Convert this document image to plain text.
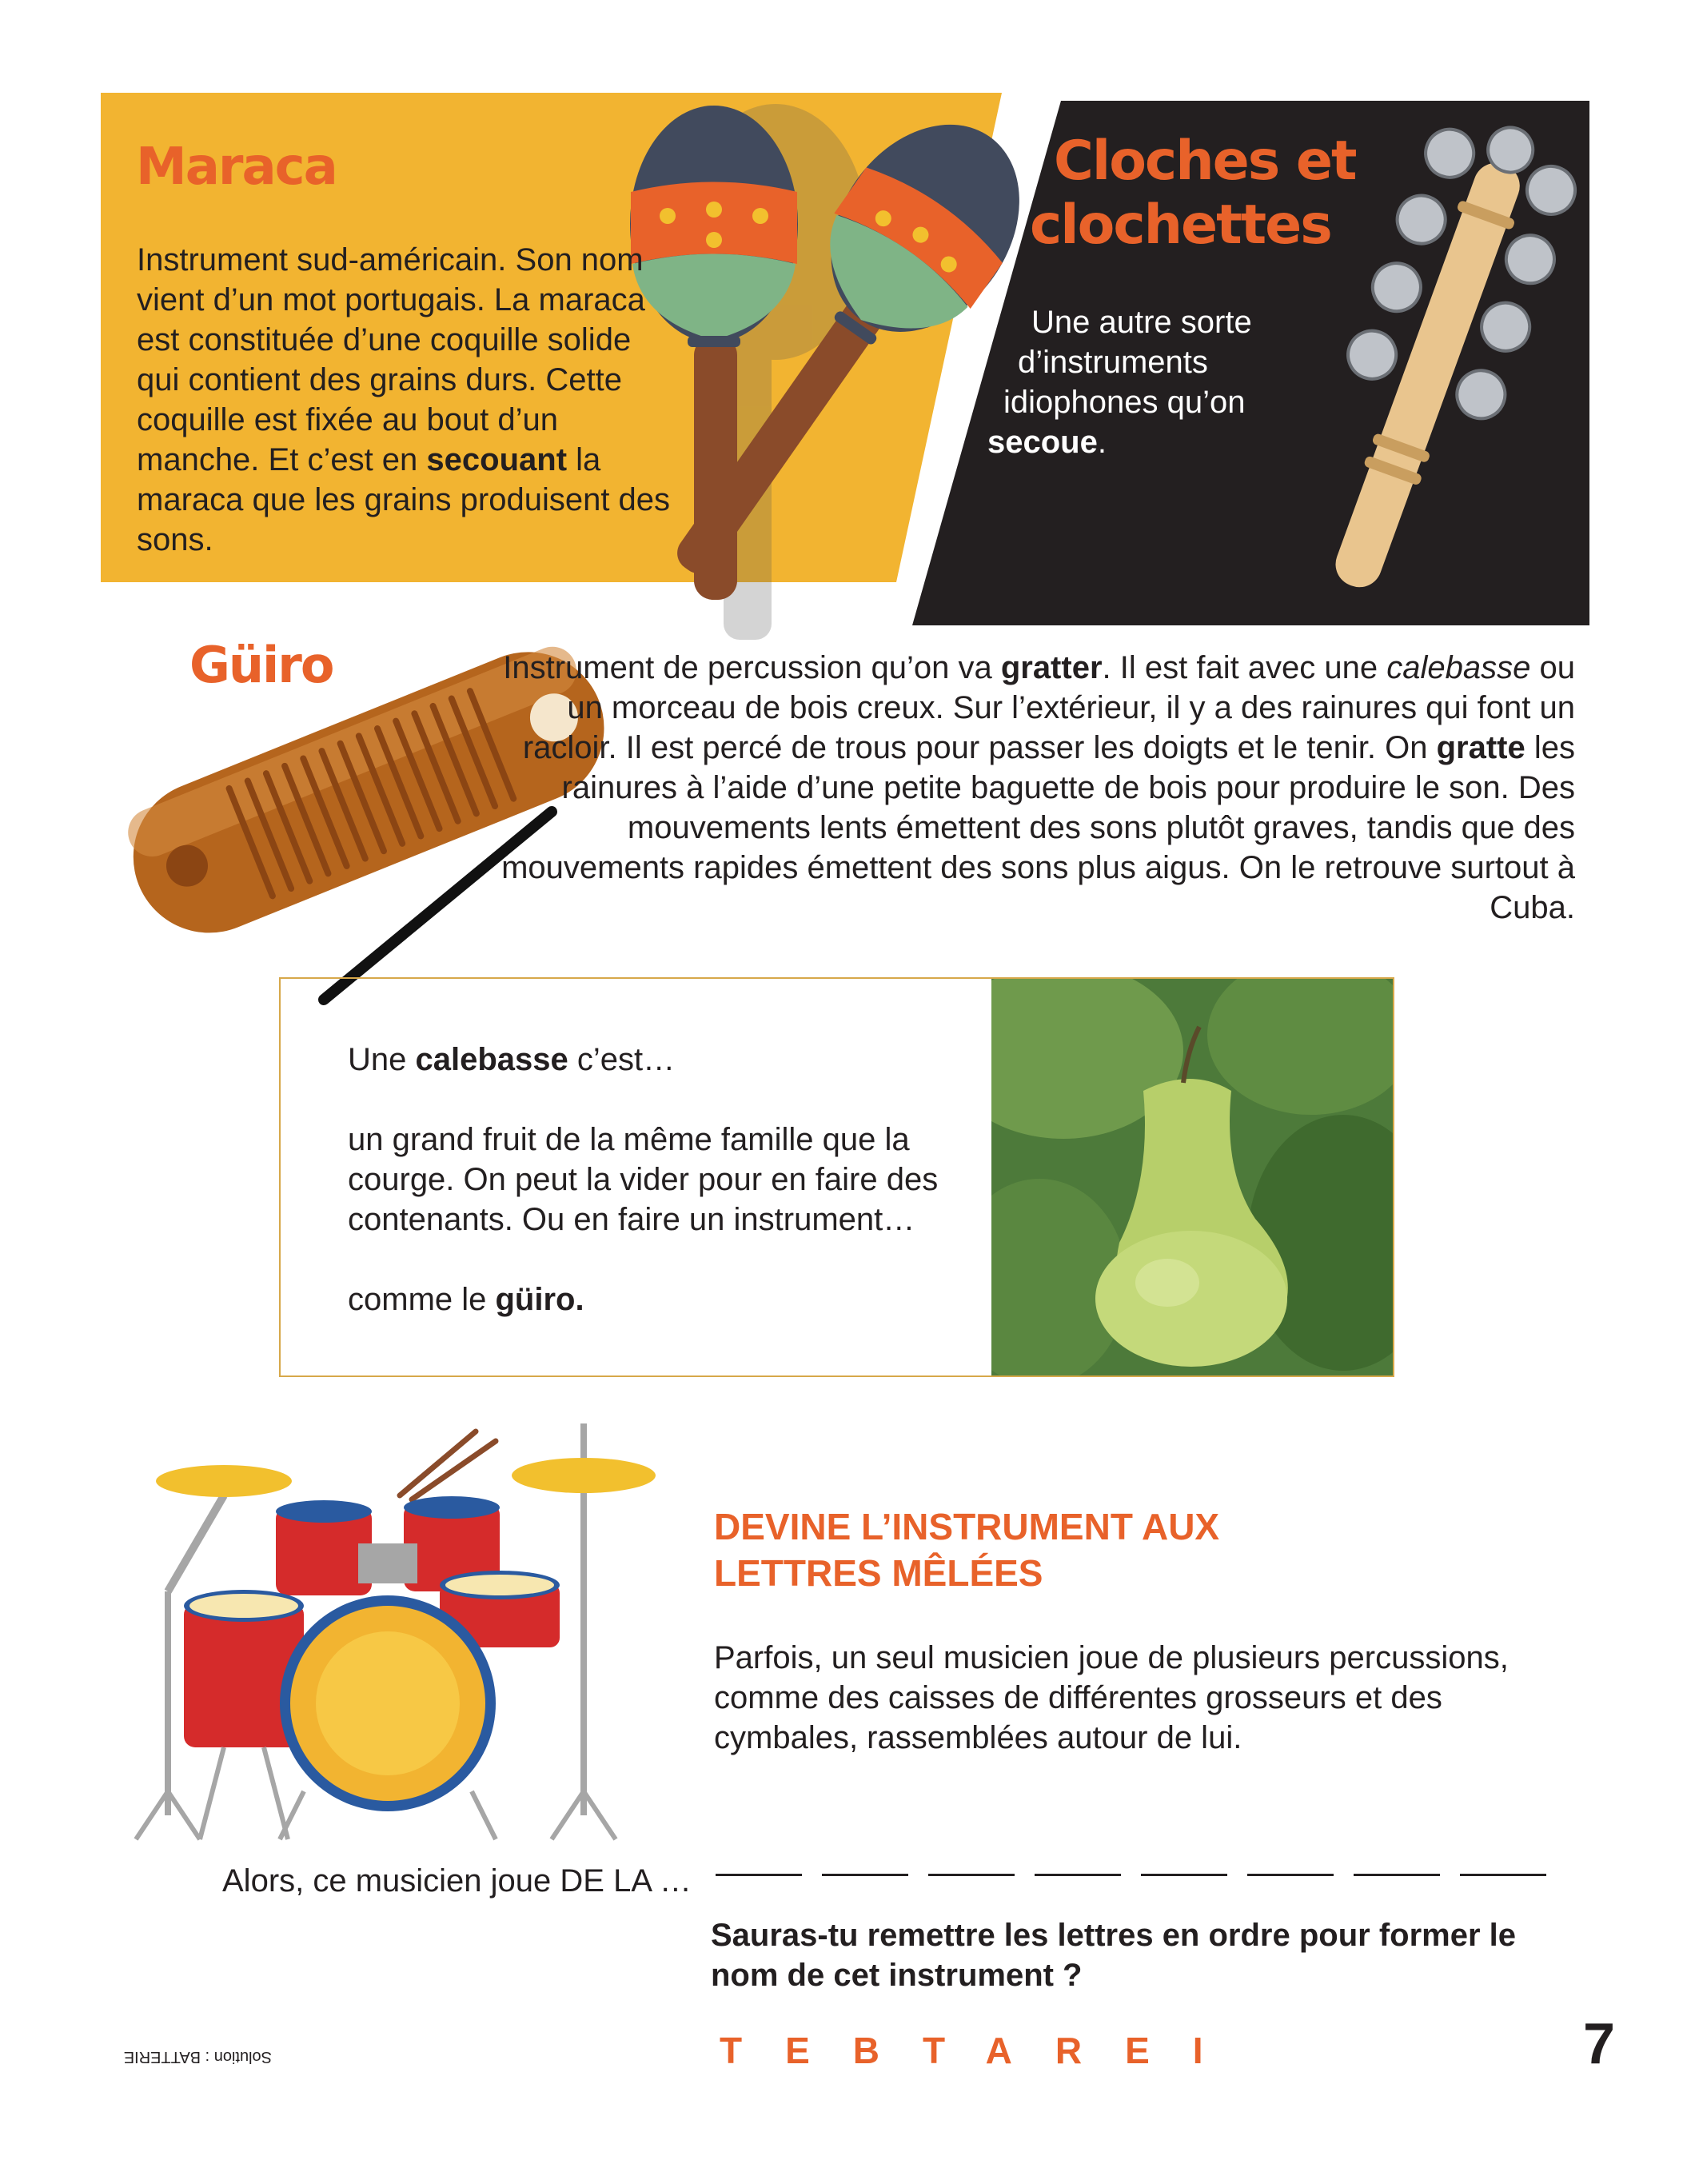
Maraca
Instrument sud-américain. Son nom vient d’un mot portugais. La maraca est constituée d’une coquille solide qui contient des grains durs. Cette coquille est fixée au bout d’un manche. Et c’est en secouant la maraca que les grains produisent des sons.
Cloches et
clochettes
Une autre sorte
d’instruments
idiophones qu’on
secoue.
Güiro	Instrument de percussion qu’on va gratter. Il est fait avec une calebasse ou un morceau de bois creux. Sur l’extérieur, il y a des rainures qui font un racloir. Il est percé de trous pour passer les doigts et le tenir. On gratte les rainures à l’aide d’une petite baguette de bois pour produire le son. Des mouvements lents émettent des sons plutôt graves, tandis que des mouvements rapides émettent des sons plus aigus. On le retrouve surtout à Cuba.
Une calebasse c’est…
un grand fruit de la même famille que la courge. On peut la vider pour en faire des contenants. Ou en faire un instrument…
comme le güiro.
DEVINE L’INSTRUMENT AUX
LETTRES MÊLÉES
Parfois, un seul musicien joue de plusieurs percussions, comme des caisses de différentes grosseurs et des cymbales, rassemblées autour de lui.
Alors, ce musicien joue DE LA …
Sauras-tu remettre les lettres en ordre pour former le nom de cet instrument ?
TEBTAREI
Solution : BATTERIE	7
